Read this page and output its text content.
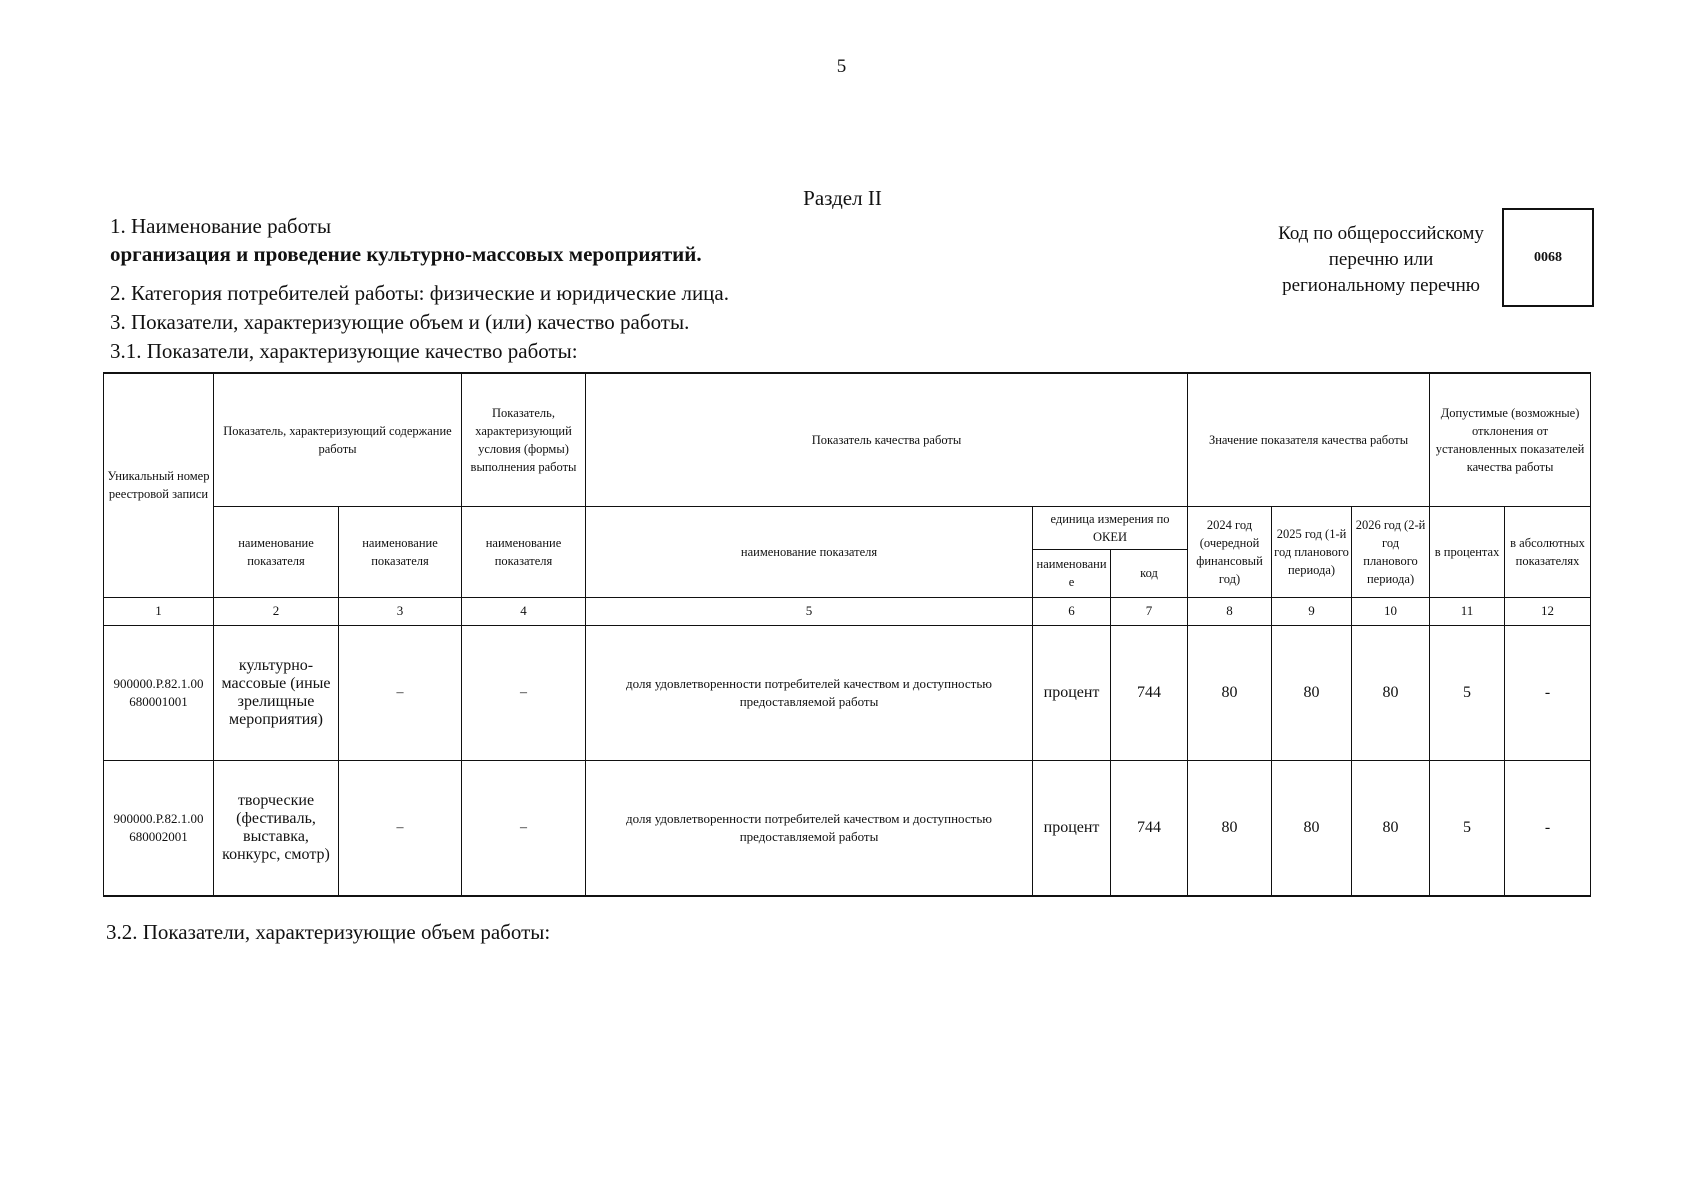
5
Раздел II
1. Наименование работы
организация и проведение культурно-массовых мероприятий.
Код по общероссийскому
перечню или
региональному перечню
0068
2. Категория потребителей работы: физические и юридические лица.
3. Показатели, характеризующие объем и (или) качество работы.
3.1. Показатели, характеризующие качество работы:
Уникальный номер реестровой записи	Показатель, характеризующий содержание работы		Показатель, характеризующий условия (формы) выполнения работы	Показатель качества работы			Значение показателя качества работы			Допустимые (возможные) отклонения от установленных показателей качества работы	
	наименование показателя	наименование показателя	наименование показателя	наименование показателя	единица измерения по ОКЕИ		2024 год (очередной финансовый год)	2025 год (1-й год планового периода)	2026 год (2-й год планового периода)	в процентах	в абсолютных показателях
					наименование	код					
1	2	3	4	5	6	7	8	9	10	11	12
900000.Р.82.1.00 680001001	культурно-массовые (иные зрелищные мероприятия)	–	–	доля удовлетворенности потребителей качеством и доступностью предоставляемой работы	процент	744	80	80	80	5	-
900000.Р.82.1.00 680002001	творческие (фестиваль, выставка, конкурс, смотр)	–	–	доля удовлетворенности потребителей качеством и доступностью предоставляемой работы	процент	744	80	80	80	5	-
3.2. Показатели, характеризующие объем работы:
